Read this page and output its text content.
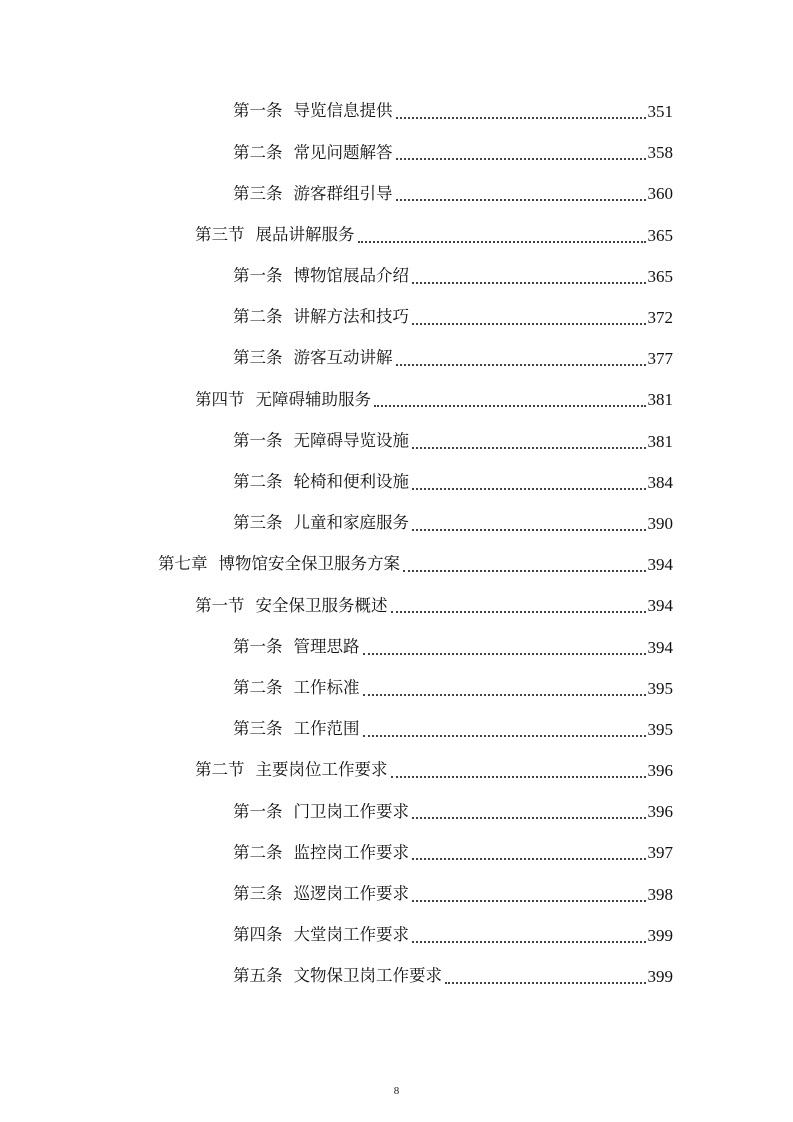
第一条 导览信息提供	351
第二条 常见问题解答	358
第三条 游客群组引导	360
第三节 展品讲解服务	365
第一条 博物馆展品介绍	365
第二条 讲解方法和技巧	372
第三条 游客互动讲解	377
第四节 无障碍辅助服务	381
第一条 无障碍导览设施	381
第二条 轮椅和便利设施	384
第三条 儿童和家庭服务	390
第七章 博物馆安全保卫服务方案	394
第一节 安全保卫服务概述	394
第一条 管理思路	394
第二条 工作标准	395
第三条 工作范围	395
第二节 主要岗位工作要求	396
第一条 门卫岗工作要求	396
第二条 监控岗工作要求	397
第三条 巡逻岗工作要求	398
第四条 大堂岗工作要求	399
第五条 文物保卫岗工作要求	399
8
